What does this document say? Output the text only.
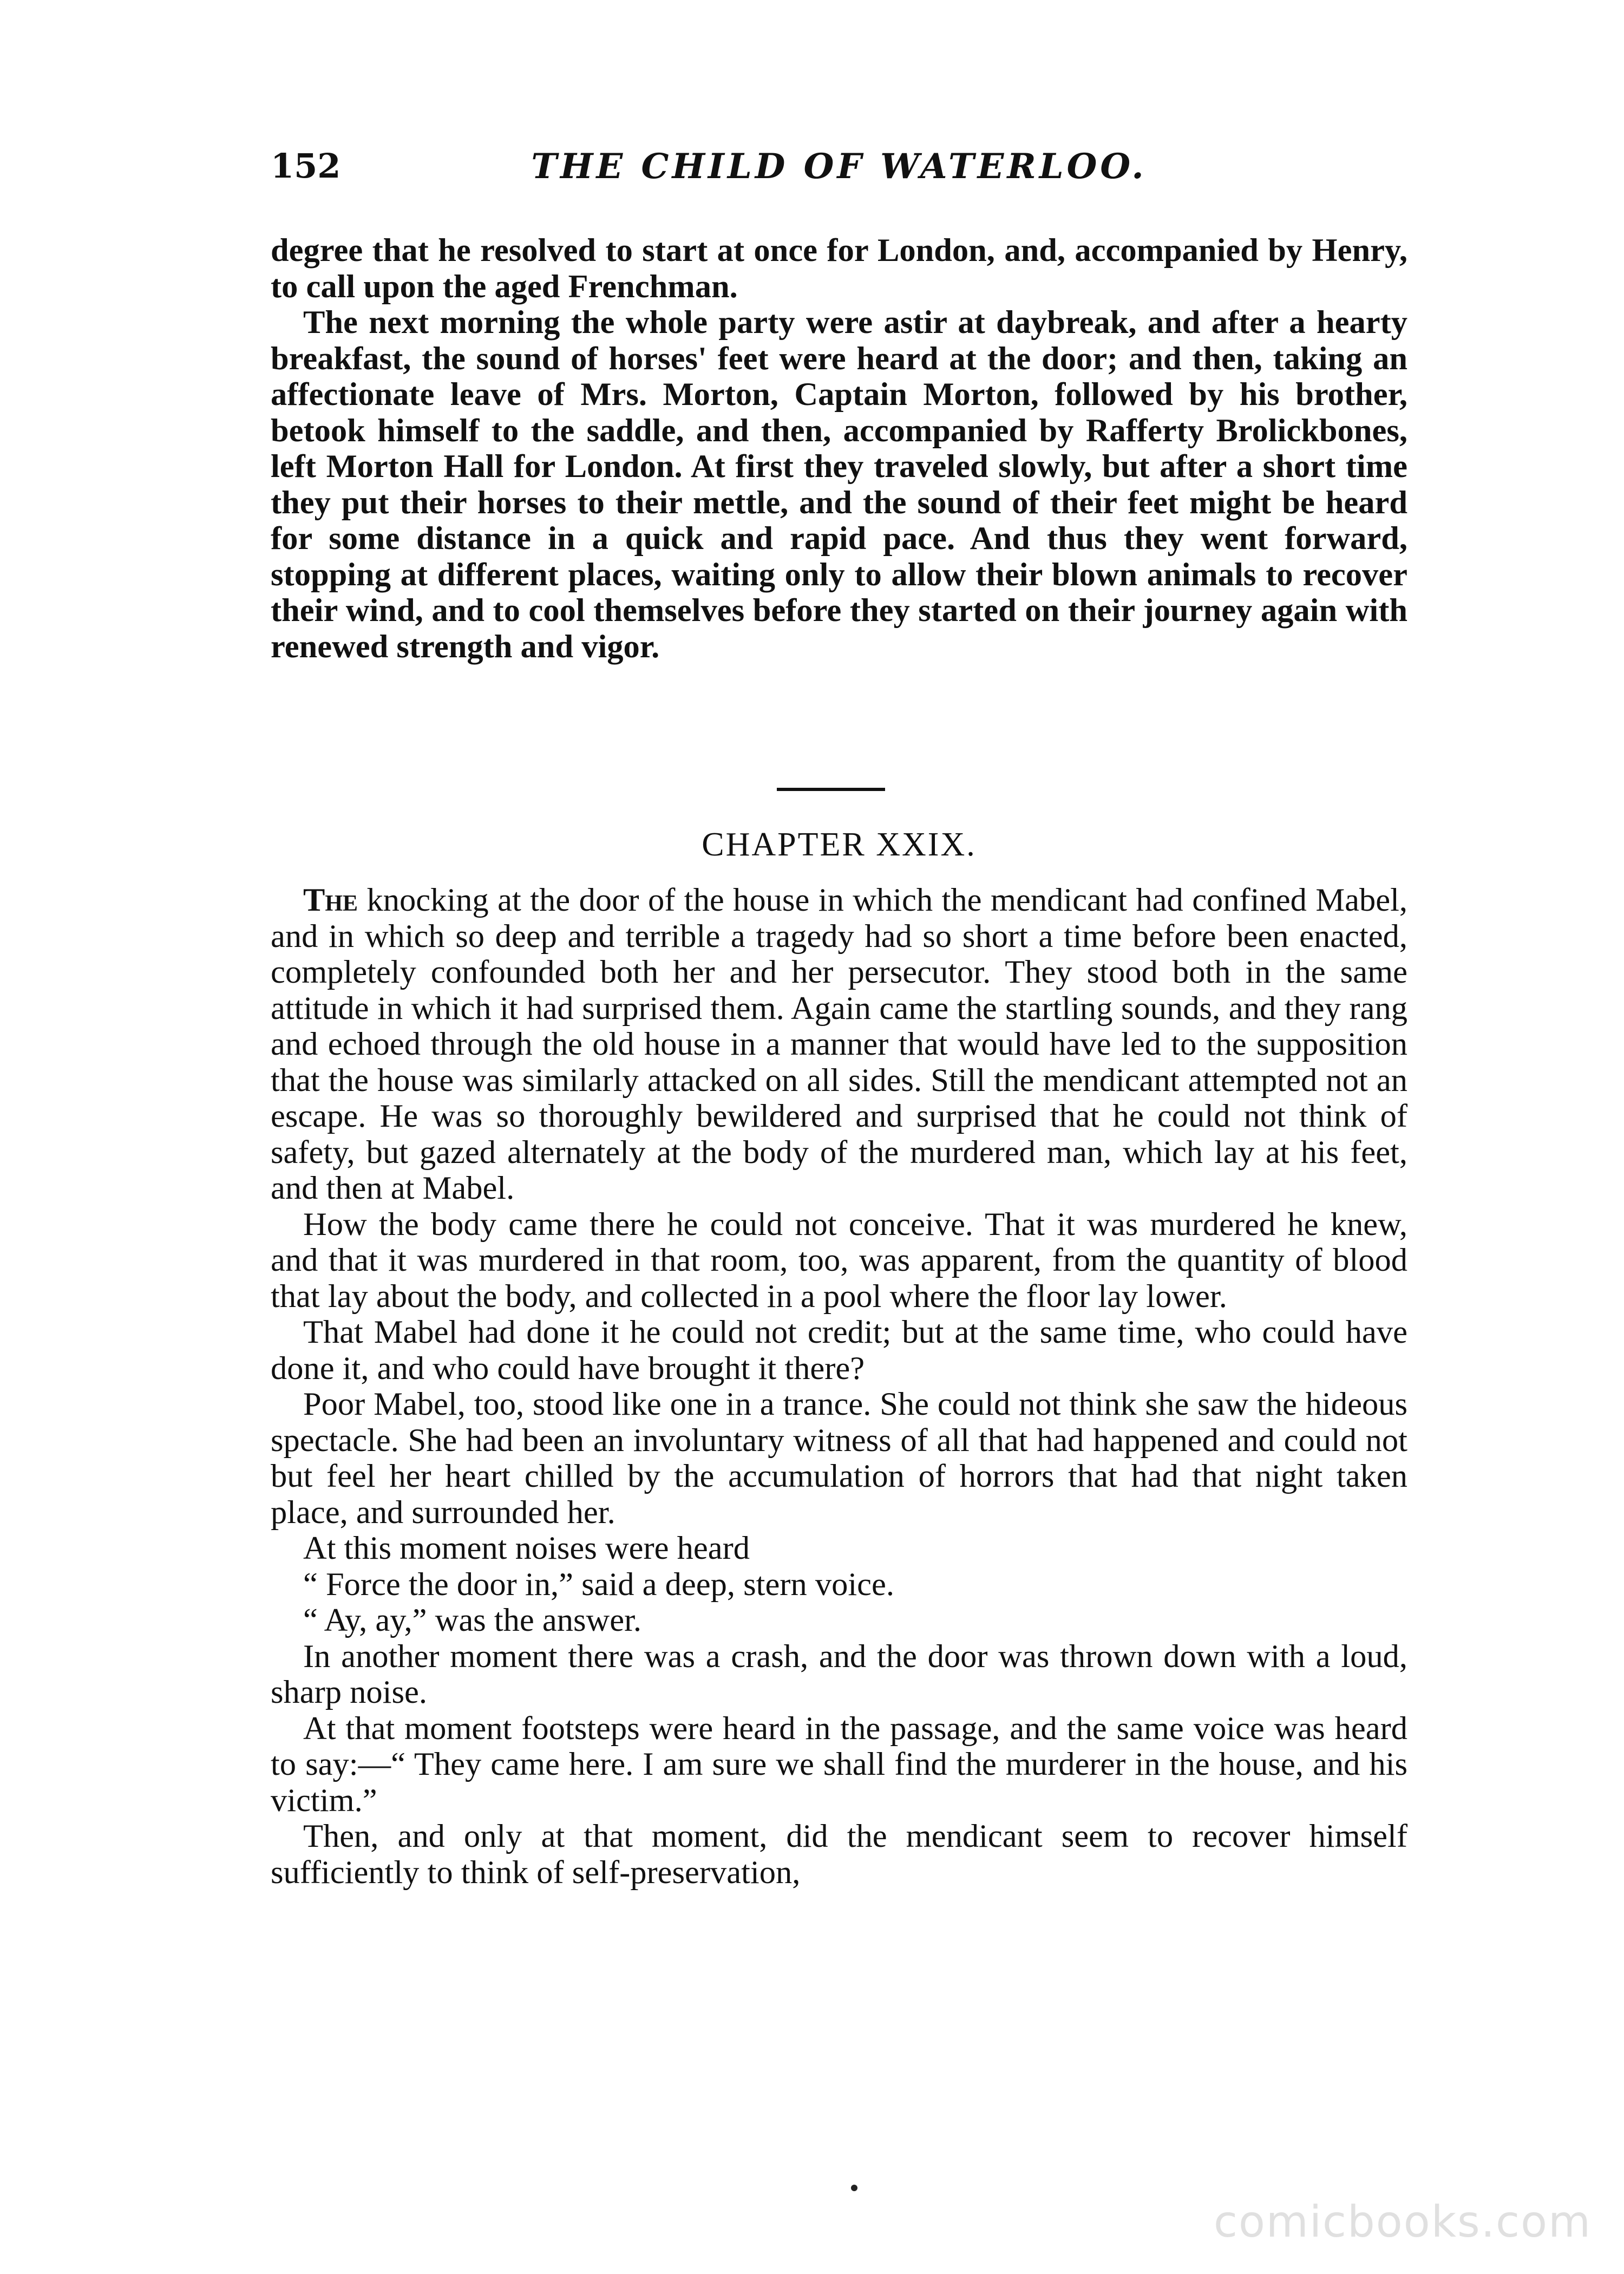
152	THE CHILD OF WATERLOO.

degree that he resolved to start at once for London, and, accompanied by Henry, to call upon the aged Frenchman.

The next morning the whole party were astir at daybreak, and after a hearty breakfast, the sound of horses' feet were heard at the door; and then, taking an affectionate leave of Mrs. Morton, Captain Morton, followed by his brother, betook himself to the saddle, and then, accompanied by Rafferty Brolickbones, left Morton Hall for London. At first they traveled slowly, but after a short time they put their horses to their mettle, and the sound of their feet might be heard for some distance in a quick and rapid pace. And thus they went forward, stopping at different places, waiting only to allow their blown animals to recover their wind, and to cool themselves before they started on their journey again with renewed strength and vigor.

CHAPTER XXIX.

The knocking at the door of the house in which the mendicant had confined Mabel, and in which so deep and terrible a tragedy had so short a time before been enacted, completely confounded both her and her persecutor. They stood both in the same attitude in which it had surprised them. Again came the startling sounds, and they rang and echoed through the old house in a manner that would have led to the supposition that the house was similarly attacked on all sides. Still the mendicant attempted not an escape. He was so thoroughly bewildered and surprised that he could not think of safety, but gazed alternately at the body of the murdered man, which lay at his feet, and then at Mabel.

How the body came there he could not conceive. That it was murdered he knew, and that it was murdered in that room, too, was apparent, from the quantity of blood that lay about the body, and collected in a pool where the floor lay lower.

That Mabel had done it he could not credit; but at the same time, who could have done it, and who could have brought it there?

Poor Mabel, too, stood like one in a trance. She could not think she saw the hideous spectacle. She had been an involuntary witness of all that had happened and could not but feel her heart chilled by the accumulation of horrors that had that night taken place, and surrounded her.

At this moment noises were heard

“ Force the door in,” said a deep, stern voice.

“ Ay, ay,” was the answer.

In another moment there was a crash, and the door was thrown down with a loud, sharp noise.

At that moment footsteps were heard in the passage, and the same voice was heard to say:—“ They came here. I am sure we shall find the murderer in the house, and his victim.”

Then, and only at that moment, did the mendicant seem to recover himself sufficiently to think of self-preservation,

comicbooks.com
